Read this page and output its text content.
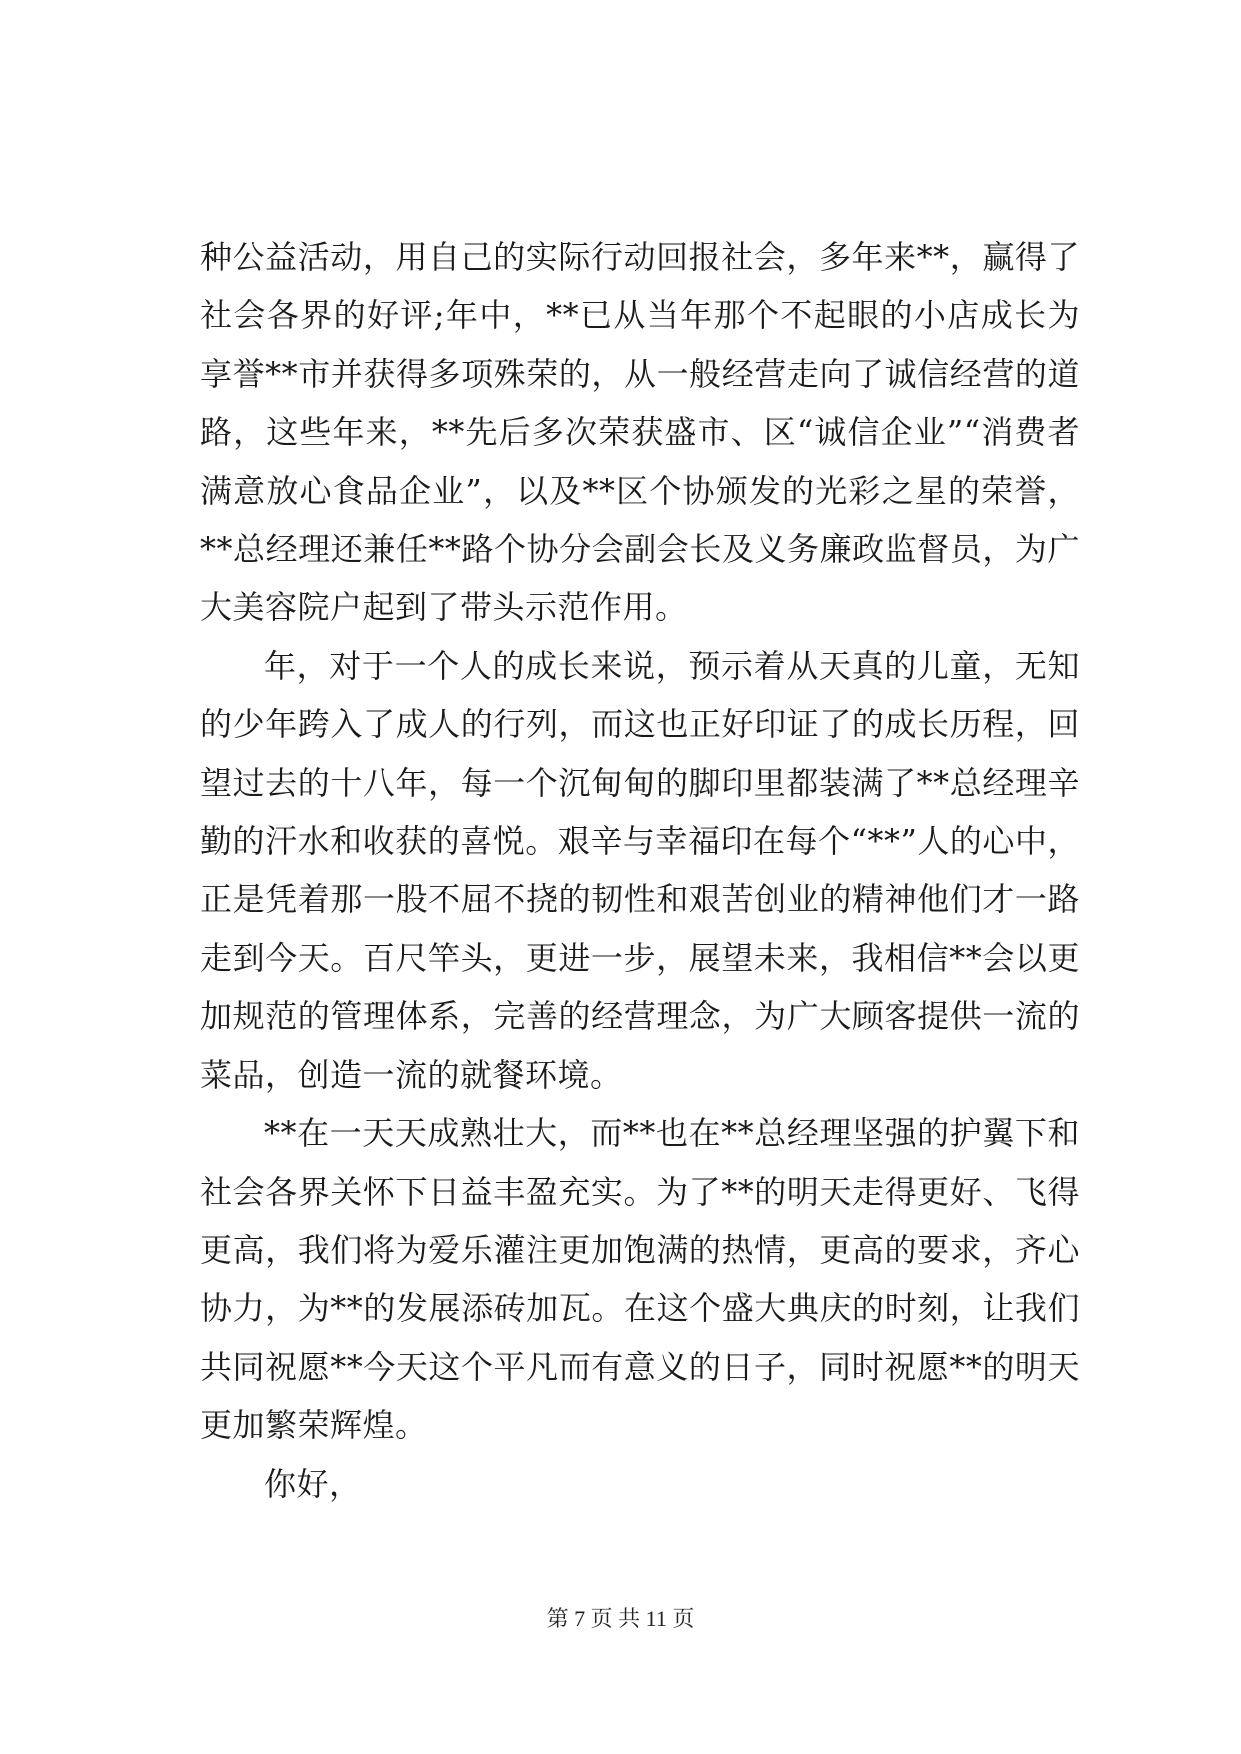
种公益活动，用自己的实际行动回报社会，多年来**，赢得了社会各界的好评;年中，**已从当年那个不起眼的小店成长为享誉**市并获得多项殊荣的，从一般经营走向了诚信经营的道路，这些年来，**先后多次荣获盛市、区“诚信企业”“消费者满意放心食品企业”，以及**区个协颁发的光彩之星的荣誉，**总经理还兼任**路个协分会副会长及义务廉政监督员，为广大美容院户起到了带头示范作用。

年，对于一个人的成长来说，预示着从天真的儿童，无知的少年跨入了成人的行列，而这也正好印证了的成长历程，回望过去的十八年，每一个沉甸甸的脚印里都装满了**总经理辛勤的汗水和收获的喜悦。艰辛与幸福印在每个“**”人的心中，正是凭着那一股不屈不挠的韧性和艰苦创业的精神他们才一路走到今天。百尺竿头，更进一步，展望未来，我相信**会以更加规范的管理体系，完善的经营理念，为广大顾客提供一流的菜品，创造一流的就餐环境。

**在一天天成熟壮大，而**也在**总经理坚强的护翼下和社会各界关怀下日益丰盈充实。为了**的明天走得更好、飞得更高，我们将为爱乐灌注更加饱满的热情，更高的要求，齐心协力，为**的发展添砖加瓦。在这个盛大典庆的时刻，让我们共同祝愿**今天这个平凡而有意义的日子，同时祝愿**的明天更加繁荣辉煌。

你好，

第 7 页 共 11 页
